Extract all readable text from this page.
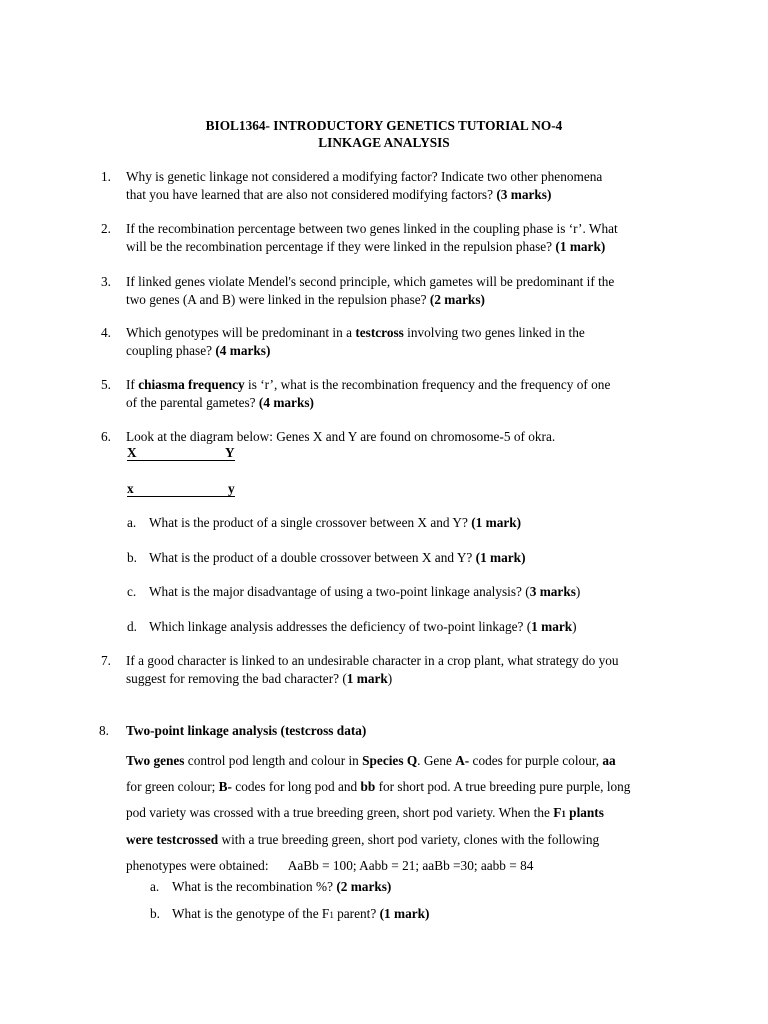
BIOL1364- INTRODUCTORY GENETICS TUTORIAL NO-4
LINKAGE ANALYSIS
1. Why is genetic linkage not considered a modifying factor? Indicate two other phenomena
that you have learned that are also not considered modifying factors? (3 marks)
2. If the recombination percentage between two genes linked in the coupling phase is ‘r’. What
will be the recombination percentage if they were linked in the repulsion phase? (1 mark)
3. If linked genes violate Mendel's second principle, which gametes will be predominant if the
two genes (A and B) were linked in the repulsion phase? (2 marks)
4. Which genotypes will be predominant in a testcross involving two genes linked in the
coupling phase? (4 marks)
5. If chiasma frequency is ‘r’, what is the recombination frequency and the frequency of one
of the parental gametes? (4 marks)
6. Look at the diagram below: Genes X and Y are found on chromosome-5 of okra.
X	Y
x	y
a. What is the product of a single crossover between X and Y? (1 mark)
b. What is the product of a double crossover between X and Y? (1 mark)
c. What is the major disadvantage of using a two-point linkage analysis? (3 marks)
d. Which linkage analysis addresses the deficiency of two-point linkage? (1 mark)
7. If a good character is linked to an undesirable character in a crop plant, what strategy do you
suggest for removing the bad character? (1 mark)
8. Two-point linkage analysis (testcross data)
Two genes control pod length and colour in Species Q. Gene A- codes for purple colour, aa
for green colour; B- codes for long pod and bb for short pod. A true breeding pure purple, long
pod variety was crossed with a true breeding green, short pod variety. When the F1 plants
were testcrossed with a true breeding green, short pod variety, clones with the following
phenotypes were obtained:      AaBb = 100; Aabb = 21; aaBb =30; aabb = 84
a. What is the recombination %? (2 marks)
b. What is the genotype of the F1 parent? (1 mark)
